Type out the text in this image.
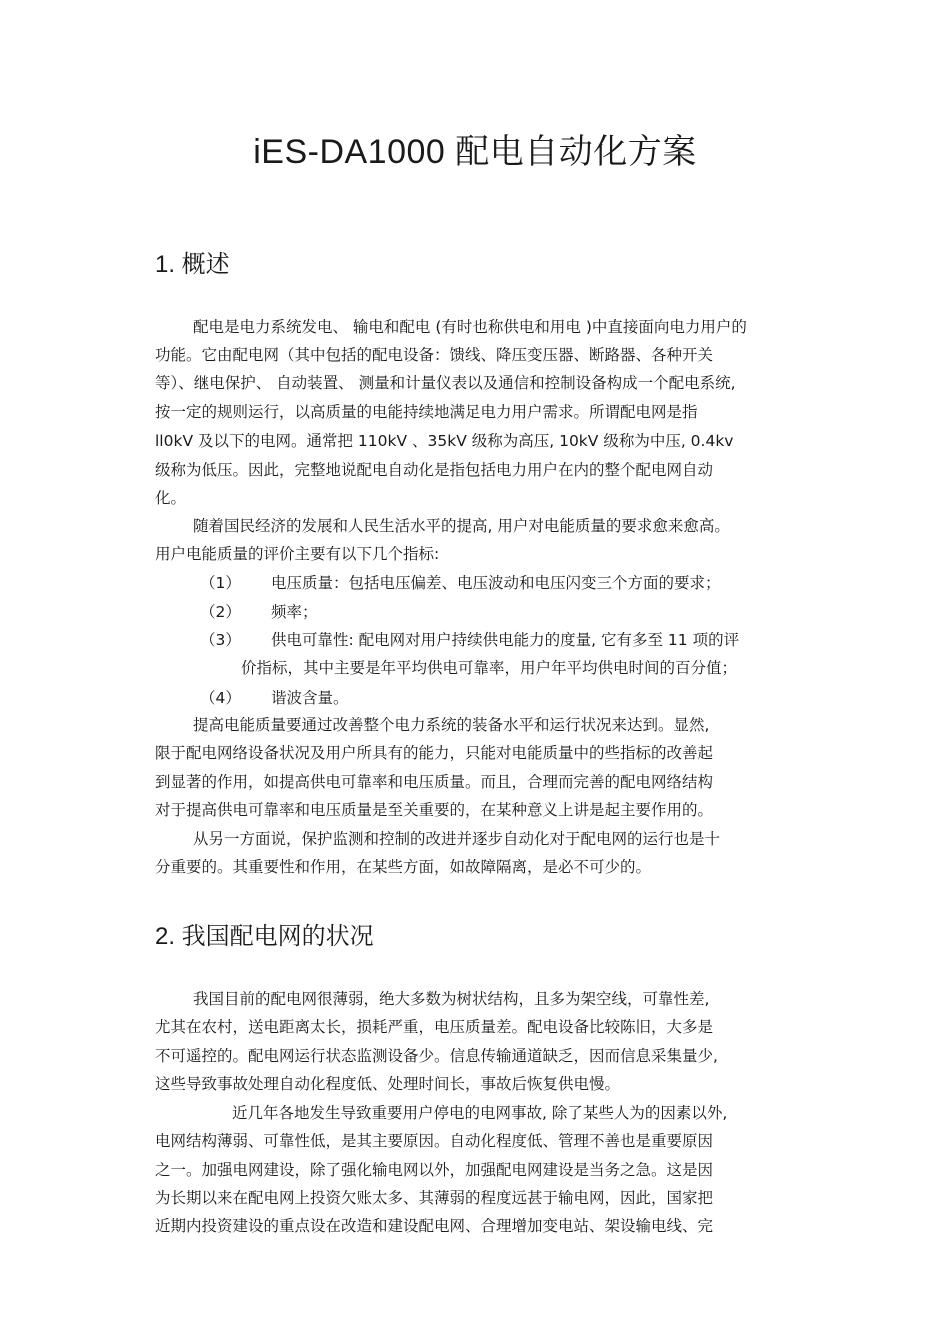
iES-DA1000 配电自动化方案
1. 概述
配电是电力系统发电、 输电和配电 (有时也称供电和用电 )中直接面向电力用户的
功能。它由配电网（其中包括的配电设备：馈线、降压变压器、断路器、各种开关
等）、继电保护、 自动装置、 测量和计量仪表以及通信和控制设备构成一个配电系统,
按一定的规则运行，以高质量的电能持续地满足电力用户需求。所谓配电网是指
ll0kV 及以下的电网。通常把 110kV 、35kV 级称为高压, 10kV 级称为中压, 0.4kv
级称为低压。因此，完整地说配电自动化是指包括电力用户在内的整个配电网自动
化。
随着国民经济的发展和人民生活水平的提高, 用户对电能质量的要求愈来愈高。
用户电能质量的评价主要有以下几个指标:
（1） 电压质量：包括电压偏差、电压波动和电压闪变三个方面的要求；
（2） 频率；
（3） 供电可靠性: 配电网对用户持续供电能力的度量, 它有多至 11 项的评
价指标，其中主要是年平均供电可靠率，用户年平均供电时间的百分值；
（4） 谐波含量。
提高电能质量要通过改善整个电力系统的装备水平和运行状况来达到。显然,
限于配电网络设备状况及用户所具有的能力，只能对电能质量中的些指标的改善起
到显著的作用，如提高供电可靠率和电压质量。而且，合理而完善的配电网络结构
对于提高供电可靠率和电压质量是至关重要的，在某种意义上讲是起主要作用的。
从另一方面说，保护监测和控制的改进并逐步自动化对于配电网的运行也是十
分重要的。其重要性和作用，在某些方面，如故障隔离，是必不可少的。
2. 我国配电网的状况
我国目前的配电网很薄弱，绝大多数为树状结构，且多为架空线，可靠性差,
尤其在农村，送电距离太长，损耗严重，电压质量差。配电设备比较陈旧，大多是
不可遥控的。配电网运行状态监测设备少。信息传输通道缺乏，因而信息采集量少,
这些导致事故处理自动化程度低、处理时间长，事故后恢复供电慢。
近几年各地发生导致重要用户停电的电网事故, 除了某些人为的因素以外,
电网结构薄弱、可靠性低，是其主要原因。自动化程度低、管理不善也是重要原因
之一。加强电网建设，除了强化输电网以外，加强配电网建设是当务之急。这是因
为长期以来在配电网上投资欠账太多、其薄弱的程度远甚于输电网，因此，国家把
近期内投资建设的重点设在改造和建设配电网、合理增加变电站、架设输电线、完
